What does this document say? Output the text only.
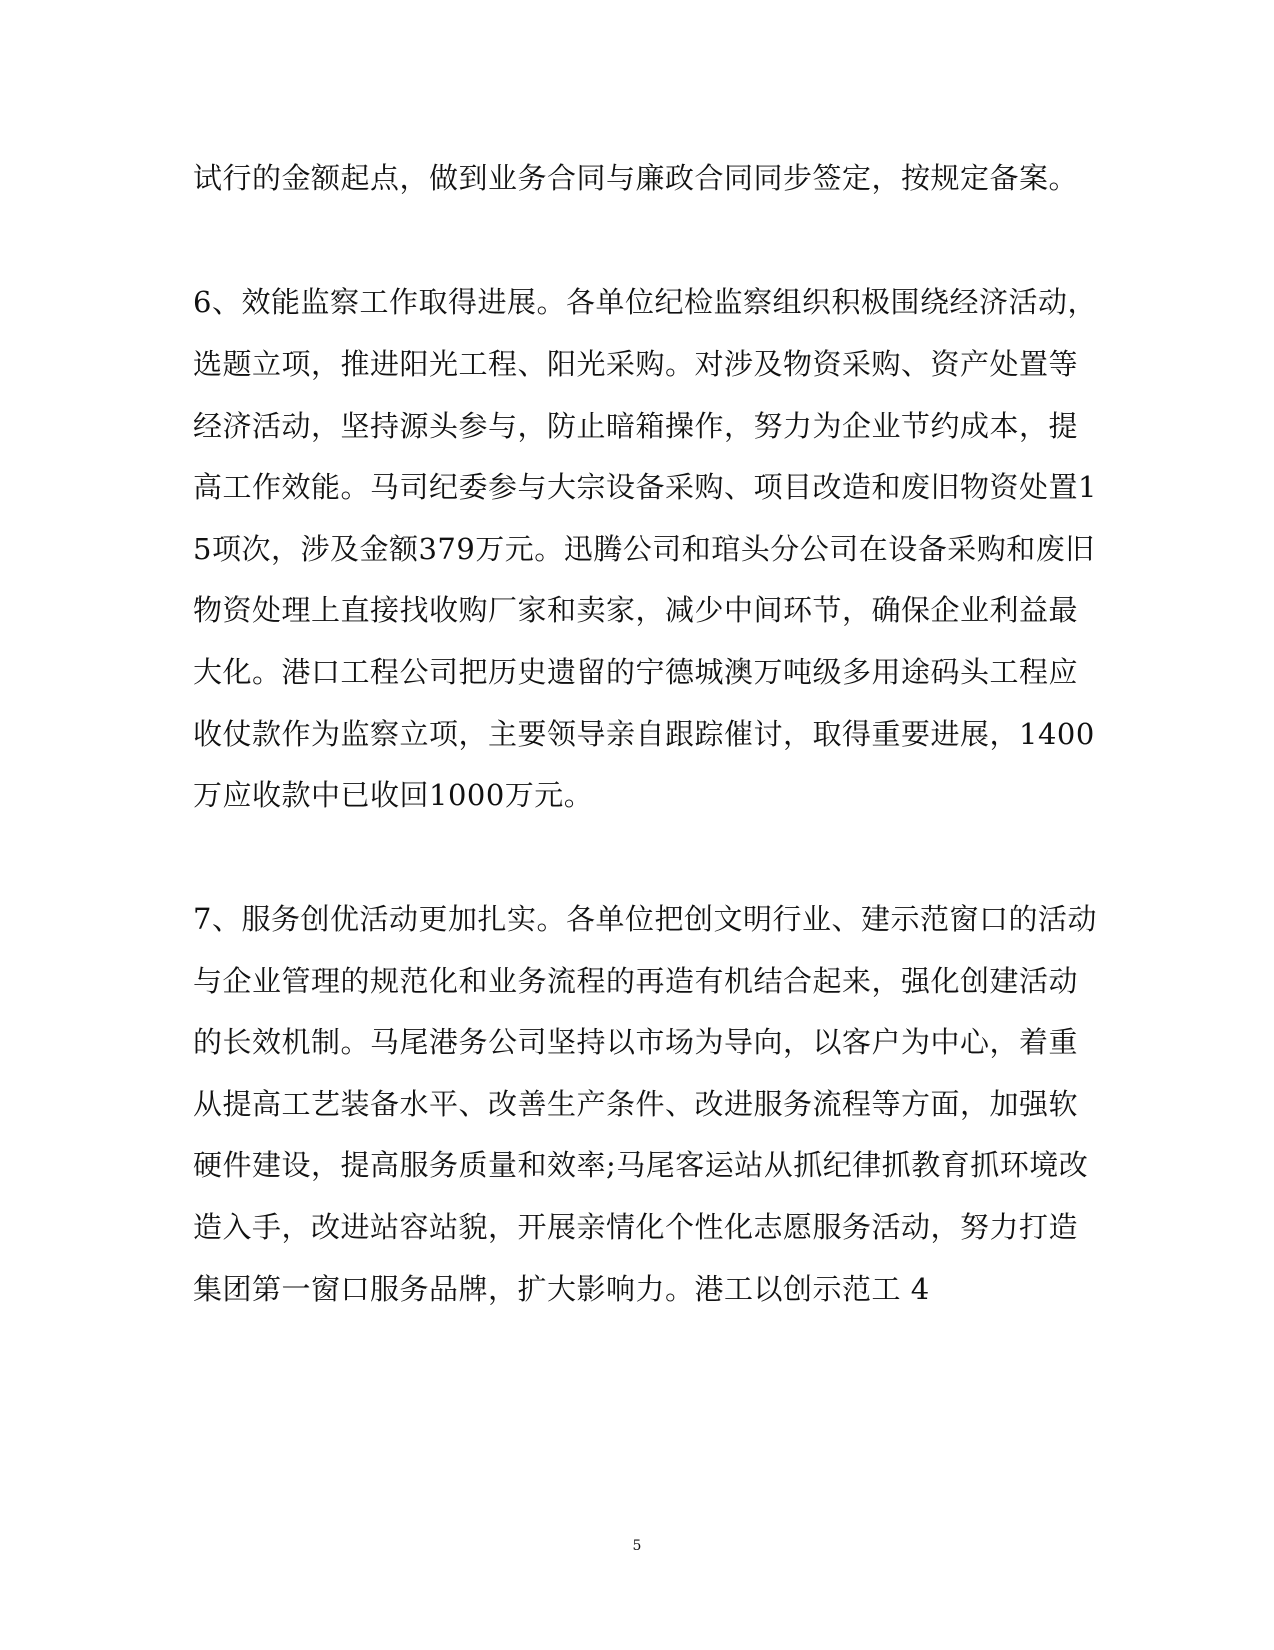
试行的金额起点，做到业务合同与廉政合同同步签定，按规定备案。
6、效能监察工作取得进展。各单位纪检监察组织积极围绕经济活动，
选题立项，推进阳光工程、阳光采购。对涉及物资采购、资产处置等
经济活动，坚持源头参与，防止暗箱操作，努力为企业节约成本，提
高工作效能。马司纪委参与大宗设备采购、项目改造和废旧物资处置1
5项次，涉及金额379万元。迅腾公司和琯头分公司在设备采购和废旧
物资处理上直接找收购厂家和卖家，减少中间环节，确保企业利益最
大化。港口工程公司把历史遗留的宁德城澳万吨级多用途码头工程应
收仗款作为监察立项，主要领导亲自跟踪催讨，取得重要进展，1400
万应收款中已收回1000万元。
7、服务创优活动更加扎实。各单位把创文明行业、建示范窗口的活动
与企业管理的规范化和业务流程的再造有机结合起来，强化创建活动
的长效机制。马尾港务公司坚持以市场为导向，以客户为中心，着重
从提高工艺装备水平、改善生产条件、改进服务流程等方面，加强软
硬件建设，提高服务质量和效率;马尾客运站从抓纪律抓教育抓环境改
造入手，改进站容站貌，开展亲情化个性化志愿服务活动，努力打造
集团第一窗口服务品牌，扩大影响力。港工以创示范工 4
5
